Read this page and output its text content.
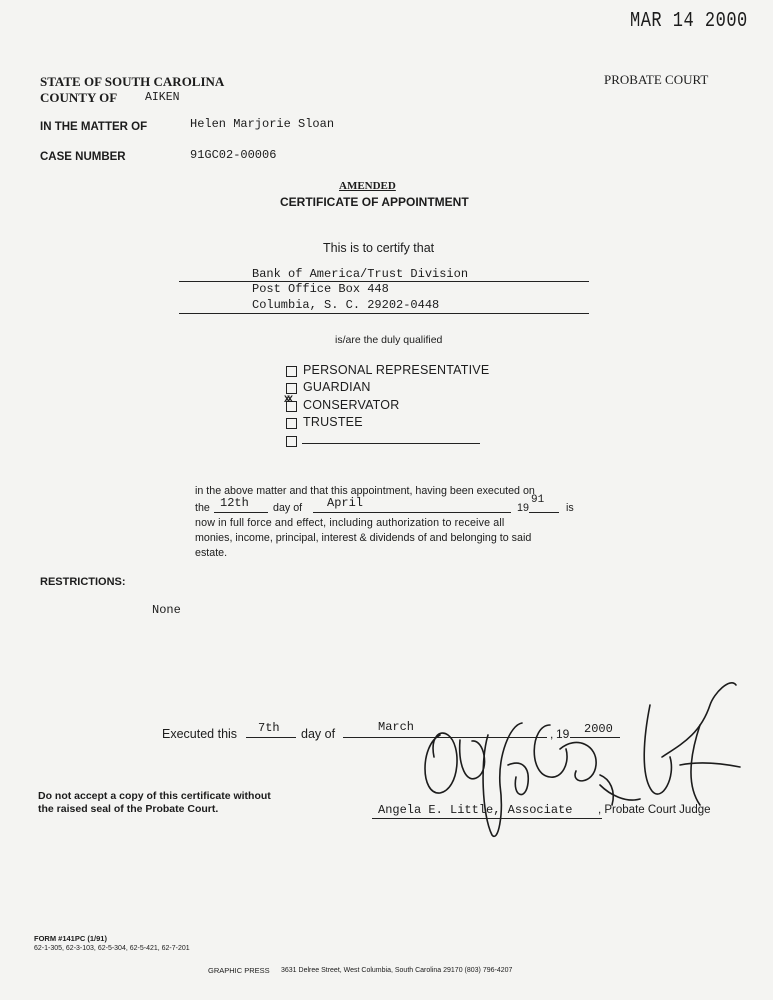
MAR 14 2000
STATE OF SOUTH CAROLINA
COUNTY OF AIKEN
PROBATE COURT
IN THE MATTER OF	Helen Marjorie Sloan
CASE NUMBER	91GC02-00006
AMENDED
CERTIFICATE OF APPOINTMENT
This is to certify that
Bank of America/Trust Division
Post Office Box 448
Columbia, S. C. 29202-0448
is/are the duly qualified
PERSONAL REPRESENTATIVE
GUARDIAN
XX CONSERVATOR
TRUSTEE
in the above matter and that this appointment, having been executed on
the 12th day of April	19
91
is
now in full force and effect, including authorization to receive all
monies, income, principal, interest & dividends of and belonging to said
estate.
RESTRICTIONS:
None
Executed this 7th day of	March	, 19 2000
Angela E. Little, Associate , Probate Court Judge
Do not accept a copy of this certificate without
the raised seal of the Probate Court.
FORM #141PC (1/91)
62-1-305, 62-3-103, 62-5-304, 62-5-421, 62-7-201
GRAPHIC PRESS 3631 Delree Street, West Columbia, South Carolina 29170 (803) 796-4207
